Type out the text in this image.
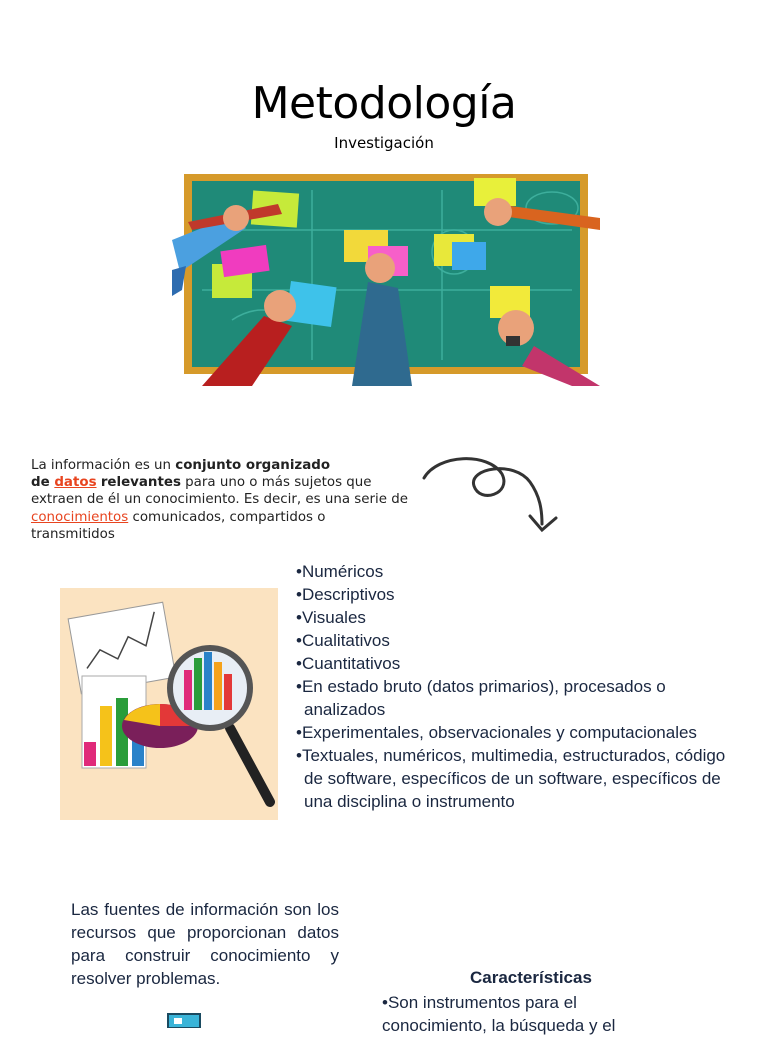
Metodología
Investigación
La información es un conjunto organizado
de datos relevantes para uno o más sujetos que extraen de él un conocimiento. Es decir, es una serie de conocimientos comunicados, compartidos o transmitidos
•Numéricos
•Descriptivos
•Visuales
•Cualitativos
•Cuantitativos
•En estado bruto (datos primarios), procesados o analizados
•Experimentales, observacionales y computacionales
•Textuales, numéricos, multimedia, estructurados, código de software, específicos de un software, específicos de una disciplina o instrumento
Las fuentes de información son los recursos que proporcionan datos para construir conocimiento y resolver problemas.	Características
•Son instrumentos para el
conocimiento, la búsqueda y el
